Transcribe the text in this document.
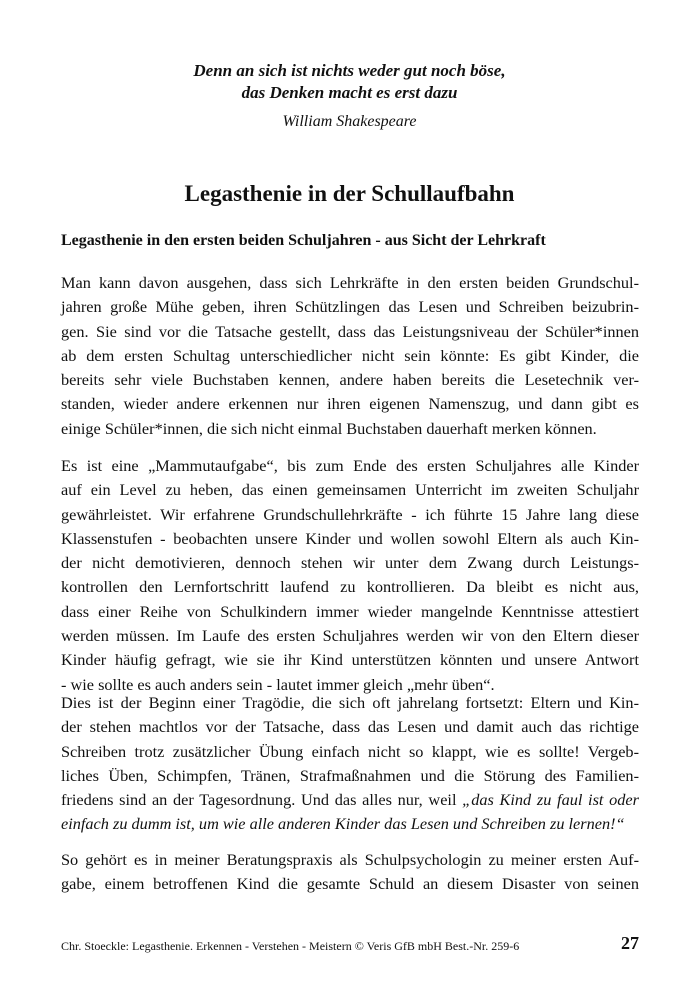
Denn an sich ist nichts weder gut noch böse,
das Denken macht es erst dazu
William Shakespeare
Legasthenie in der Schullaufbahn
Legasthenie in den ersten beiden Schuljahren - aus Sicht der Lehrkraft
Man kann davon ausgehen, dass sich Lehrkräfte in den ersten beiden Grundschul-
jahren große Mühe geben, ihren Schützlingen das Lesen und Schreiben beizubrin-
gen. Sie sind vor die Tatsache gestellt, dass das Leistungsniveau der Schüler*innen
ab dem ersten Schultag unterschiedlicher nicht sein könnte: Es gibt Kinder, die
bereits sehr viele Buchstaben kennen, andere haben bereits die Lesetechnik ver-
standen, wieder andere erkennen nur ihren eigenen Namenszug, und dann gibt es
einige Schüler*innen, die sich nicht einmal Buchstaben dauerhaft merken können.
Es ist eine „Mammutaufgabe“, bis zum Ende des ersten Schuljahres alle Kinder
auf ein Level zu heben, das einen gemeinsamen Unterricht im zweiten Schuljahr
gewährleistet. Wir erfahrene Grundschullehrkräfte - ich führte 15 Jahre lang diese
Klassenstufen - beobachten unsere Kinder und wollen sowohl Eltern als auch Kin-
der nicht demotivieren, dennoch stehen wir unter dem Zwang durch Leistungs-
kontrollen den Lernfortschritt laufend zu kontrollieren. Da bleibt es nicht aus,
dass einer Reihe von Schulkindern immer wieder mangelnde Kenntnisse attestiert
werden müssen. Im Laufe des ersten Schuljahres werden wir von den Eltern dieser
Kinder häufig gefragt, wie sie ihr Kind unterstützen könnten und unsere Antwort
- wie sollte es auch anders sein - lautet immer gleich „mehr üben“.
Dies ist der Beginn einer Tragödie, die sich oft jahrelang fortsetzt: Eltern und Kin-
der stehen machtlos vor der Tatsache, dass das Lesen und damit auch das richtige
Schreiben trotz zusätzlicher Übung einfach nicht so klappt, wie es sollte! Vergeb-
liches Üben, Schimpfen, Tränen, Strafmaßnahmen und die Störung des Familien-
friedens sind an der Tagesordnung. Und das alles nur, weil „das Kind zu faul ist oder
einfach zu dumm ist, um wie alle anderen Kinder das Lesen und Schreiben zu lernen!“
So gehört es in meiner Beratungspraxis als Schulpsychologin zu meiner ersten Auf-
gabe, einem betroffenen Kind die gesamte Schuld an diesem Disaster von seinen
Chr. Stoeckle: Legasthenie. Erkennen - Verstehen - Meistern © Veris GfB mbH Best.-Nr. 259-6	27
